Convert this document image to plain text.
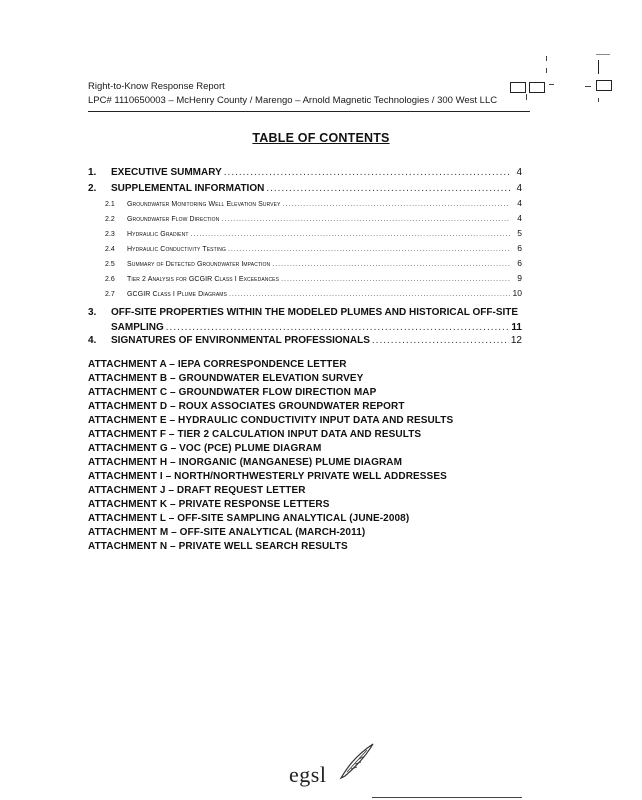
Right-to-Know Response Report
LPC# 1110650003 – McHenry County / Marengo – Arnold Magnetic Technologies / 300 West LLC
TABLE OF CONTENTS
1.	EXECUTIVE SUMMARY .....	4
2.	SUPPLEMENTAL INFORMATION .....	4
2.1	Groundwater Monitoring Well Elevation Survey .....	4
2.2	Groundwater Flow Direction .....	4
2.3	Hydraulic Gradient .....	5
2.4	Hydraulic Conductivity Testing .....	6
2.5	Summary of Detected Groundwater Impaction .....	6
2.6	Tier 2 Analysis for GCGIR Class I Exceedances .....	9
2.7	GCGIR Class I Plume Diagrams .....	10
3. OFF-SITE PROPERTIES WITHIN THE MODELED PLUMES AND HISTORICAL OFF-SITE
SAMPLING .....	11
4.	SIGNATURES OF ENVIRONMENTAL PROFESSIONALS .....	12
ATTACHMENT A – IEPA CORRESPONDENCE LETTER
ATTACHMENT B – GROUNDWATER ELEVATION SURVEY
ATTACHMENT C – GROUNDWATER FLOW DIRECTION MAP
ATTACHMENT D – ROUX ASSOCIATES GROUNDWATER REPORT
ATTACHMENT E – HYDRAULIC CONDUCTIVITY INPUT DATA AND RESULTS
ATTACHMENT F – TIER 2 CALCULATION INPUT DATA AND RESULTS
ATTACHMENT G – VOC (PCE) PLUME DIAGRAM
ATTACHMENT H – INORGANIC (MANGANESE) PLUME DIAGRAM
ATTACHMENT I – NORTH/NORTHWESTERLY PRIVATE WELL ADDRESSES
ATTACHMENT J – DRAFT REQUEST LETTER
ATTACHMENT K – PRIVATE RESPONSE LETTERS
ATTACHMENT L – OFF-SITE SAMPLING ANALYTICAL (JUNE-2008)
ATTACHMENT M – OFF-SITE ANALYTICAL (MARCH-2011)
ATTACHMENT N – PRIVATE WELL SEARCH RESULTS
egsl
